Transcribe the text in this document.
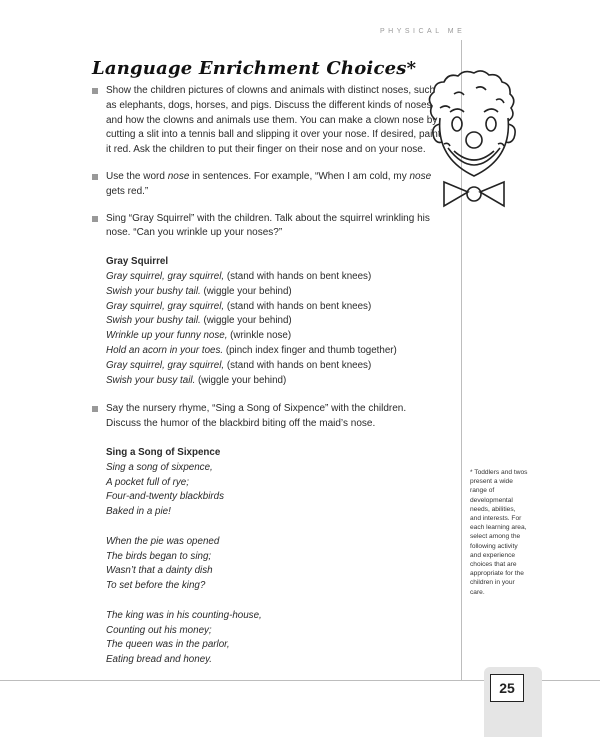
PHYSICAL ME
Language Enrichment Choices*
Show the children pictures of clowns and animals with distinct noses, such as elephants, dogs, horses, and pigs. Discuss the different kinds of noses and how the clowns and animals use them. You can make a clown nose by cutting a slit into a tennis ball and slipping it over your nose. If desired, paint it red. Ask the children to put their finger on their nose and on your nose.
Use the word nose in sentences. For example, “When I am cold, my nose gets red.”
Sing “Gray Squirrel” with the children. Talk about the squirrel wrinkling his nose. “Can you wrinkle up your noses?”
Gray Squirrel
Gray squirrel, gray squirrel, (stand with hands on bent knees)
Swish your bushy tail. (wiggle your behind)
Gray squirrel, gray squirrel, (stand with hands on bent knees)
Swish your bushy tail. (wiggle your behind)
Wrinkle up your funny nose, (wrinkle nose)
Hold an acorn in your toes. (pinch index finger and thumb together)
Gray squirrel, gray squirrel, (stand with hands on bent knees)
Swish your busy tail. (wiggle your behind)
Say the nursery rhyme, “Sing a Song of Sixpence” with the children. Discuss the humor of the blackbird biting off the maid’s nose.
Sing a Song of Sixpence
Sing a song of sixpence,
A pocket full of rye;
Four-and-twenty blackbirds
Baked in a pie!
When the pie was opened
The birds began to sing;
Wasn’t that a dainty dish
To set before the king?
The king was in his counting-house,
Counting out his money;
The queen was in the parlor,
Eating bread and honey.
* Toddlers and twos present a wide range of developmental needs, abilities, and interests. For each learning area, select among the following activity and experience choices that are appropriate for the children in your care.
25
